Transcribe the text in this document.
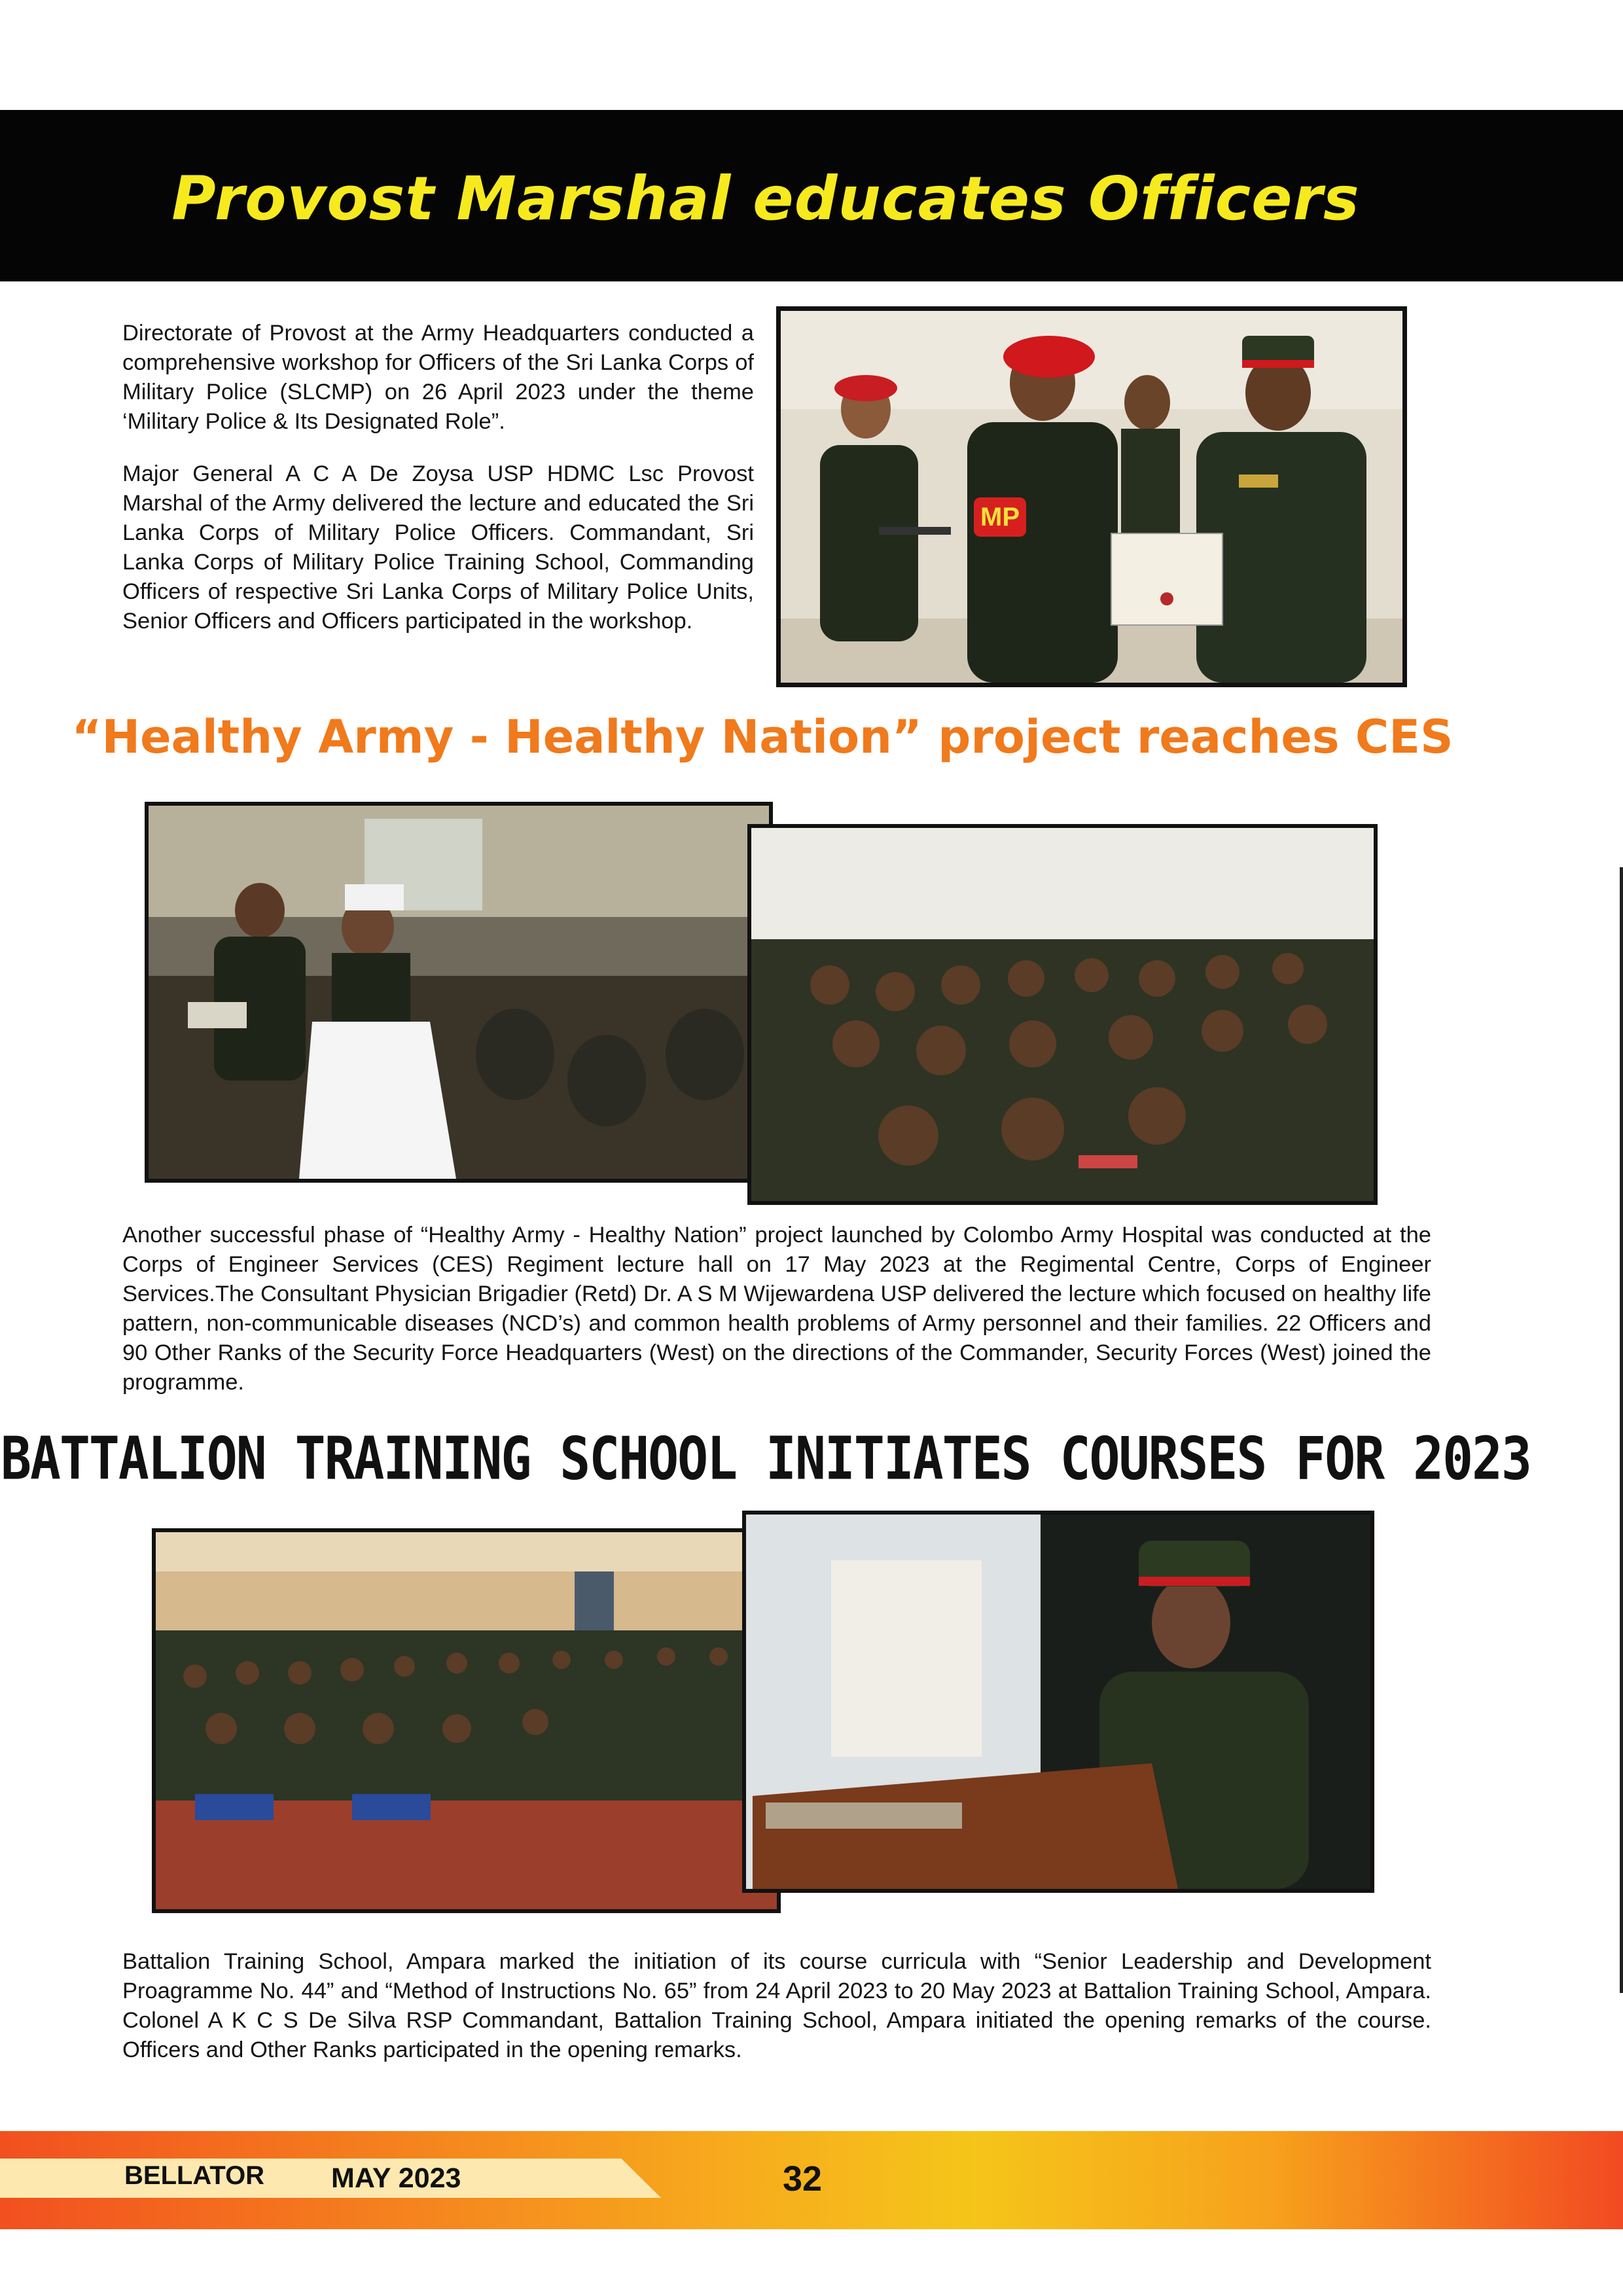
Provost Marshal educates Officers

Directorate of Provost at the Army Headquarters conducted a comprehensive workshop for Officers of the Sri Lanka Corps of Military Police (SLCMP) on 26 April 2023 under the theme ‘Military Police & Its Designated Role”.

Major General A C A De Zoysa USP HDMC Lsc Provost Marshal of the Army delivered the lecture and educated the Sri Lanka Corps of Military Police Officers. Commandant, Sri Lanka Corps of Military Police Training School, Commanding Officers of respective Sri Lanka Corps of Military Police Units, Senior Officers and Officers participated in the workshop.

MP
“Healthy Army - Healthy Nation” project reaches CES

Another successful phase of “Healthy Army - Healthy Nation” project launched by Colombo Army Hospital was conducted at the Corps of Engineer Services (CES) Regiment lecture hall on 17 May 2023 at the Regimental Centre, Corps of Engineer Services.The Consultant Physician Brigadier (Retd) Dr. A S M Wijewardena USP delivered the lecture which focused on healthy life pattern, non-communicable diseases (NCD’s) and common health problems of Army personnel and their families. 22 Officers and 90 Other Ranks of the Security Force Headquarters (West) on the directions of the Commander, Security Forces (West) joined the programme.

BATTALION TRAINING SCHOOL INITIATES COURSES FOR 2023

Battalion Training School, Ampara marked the initiation of its course curricula with “Senior Leadership and Development Proagramme No. 44” and “Method of Instructions No. 65” from 24 April 2023 to 20 May 2023 at Battalion Training School, Ampara. Colonel A K C S De Silva RSP Commandant, Battalion Training School, Ampara initiated the opening remarks of the course. Officers and Other Ranks participated in the opening remarks.

BELLATOR MAY 2023	32
